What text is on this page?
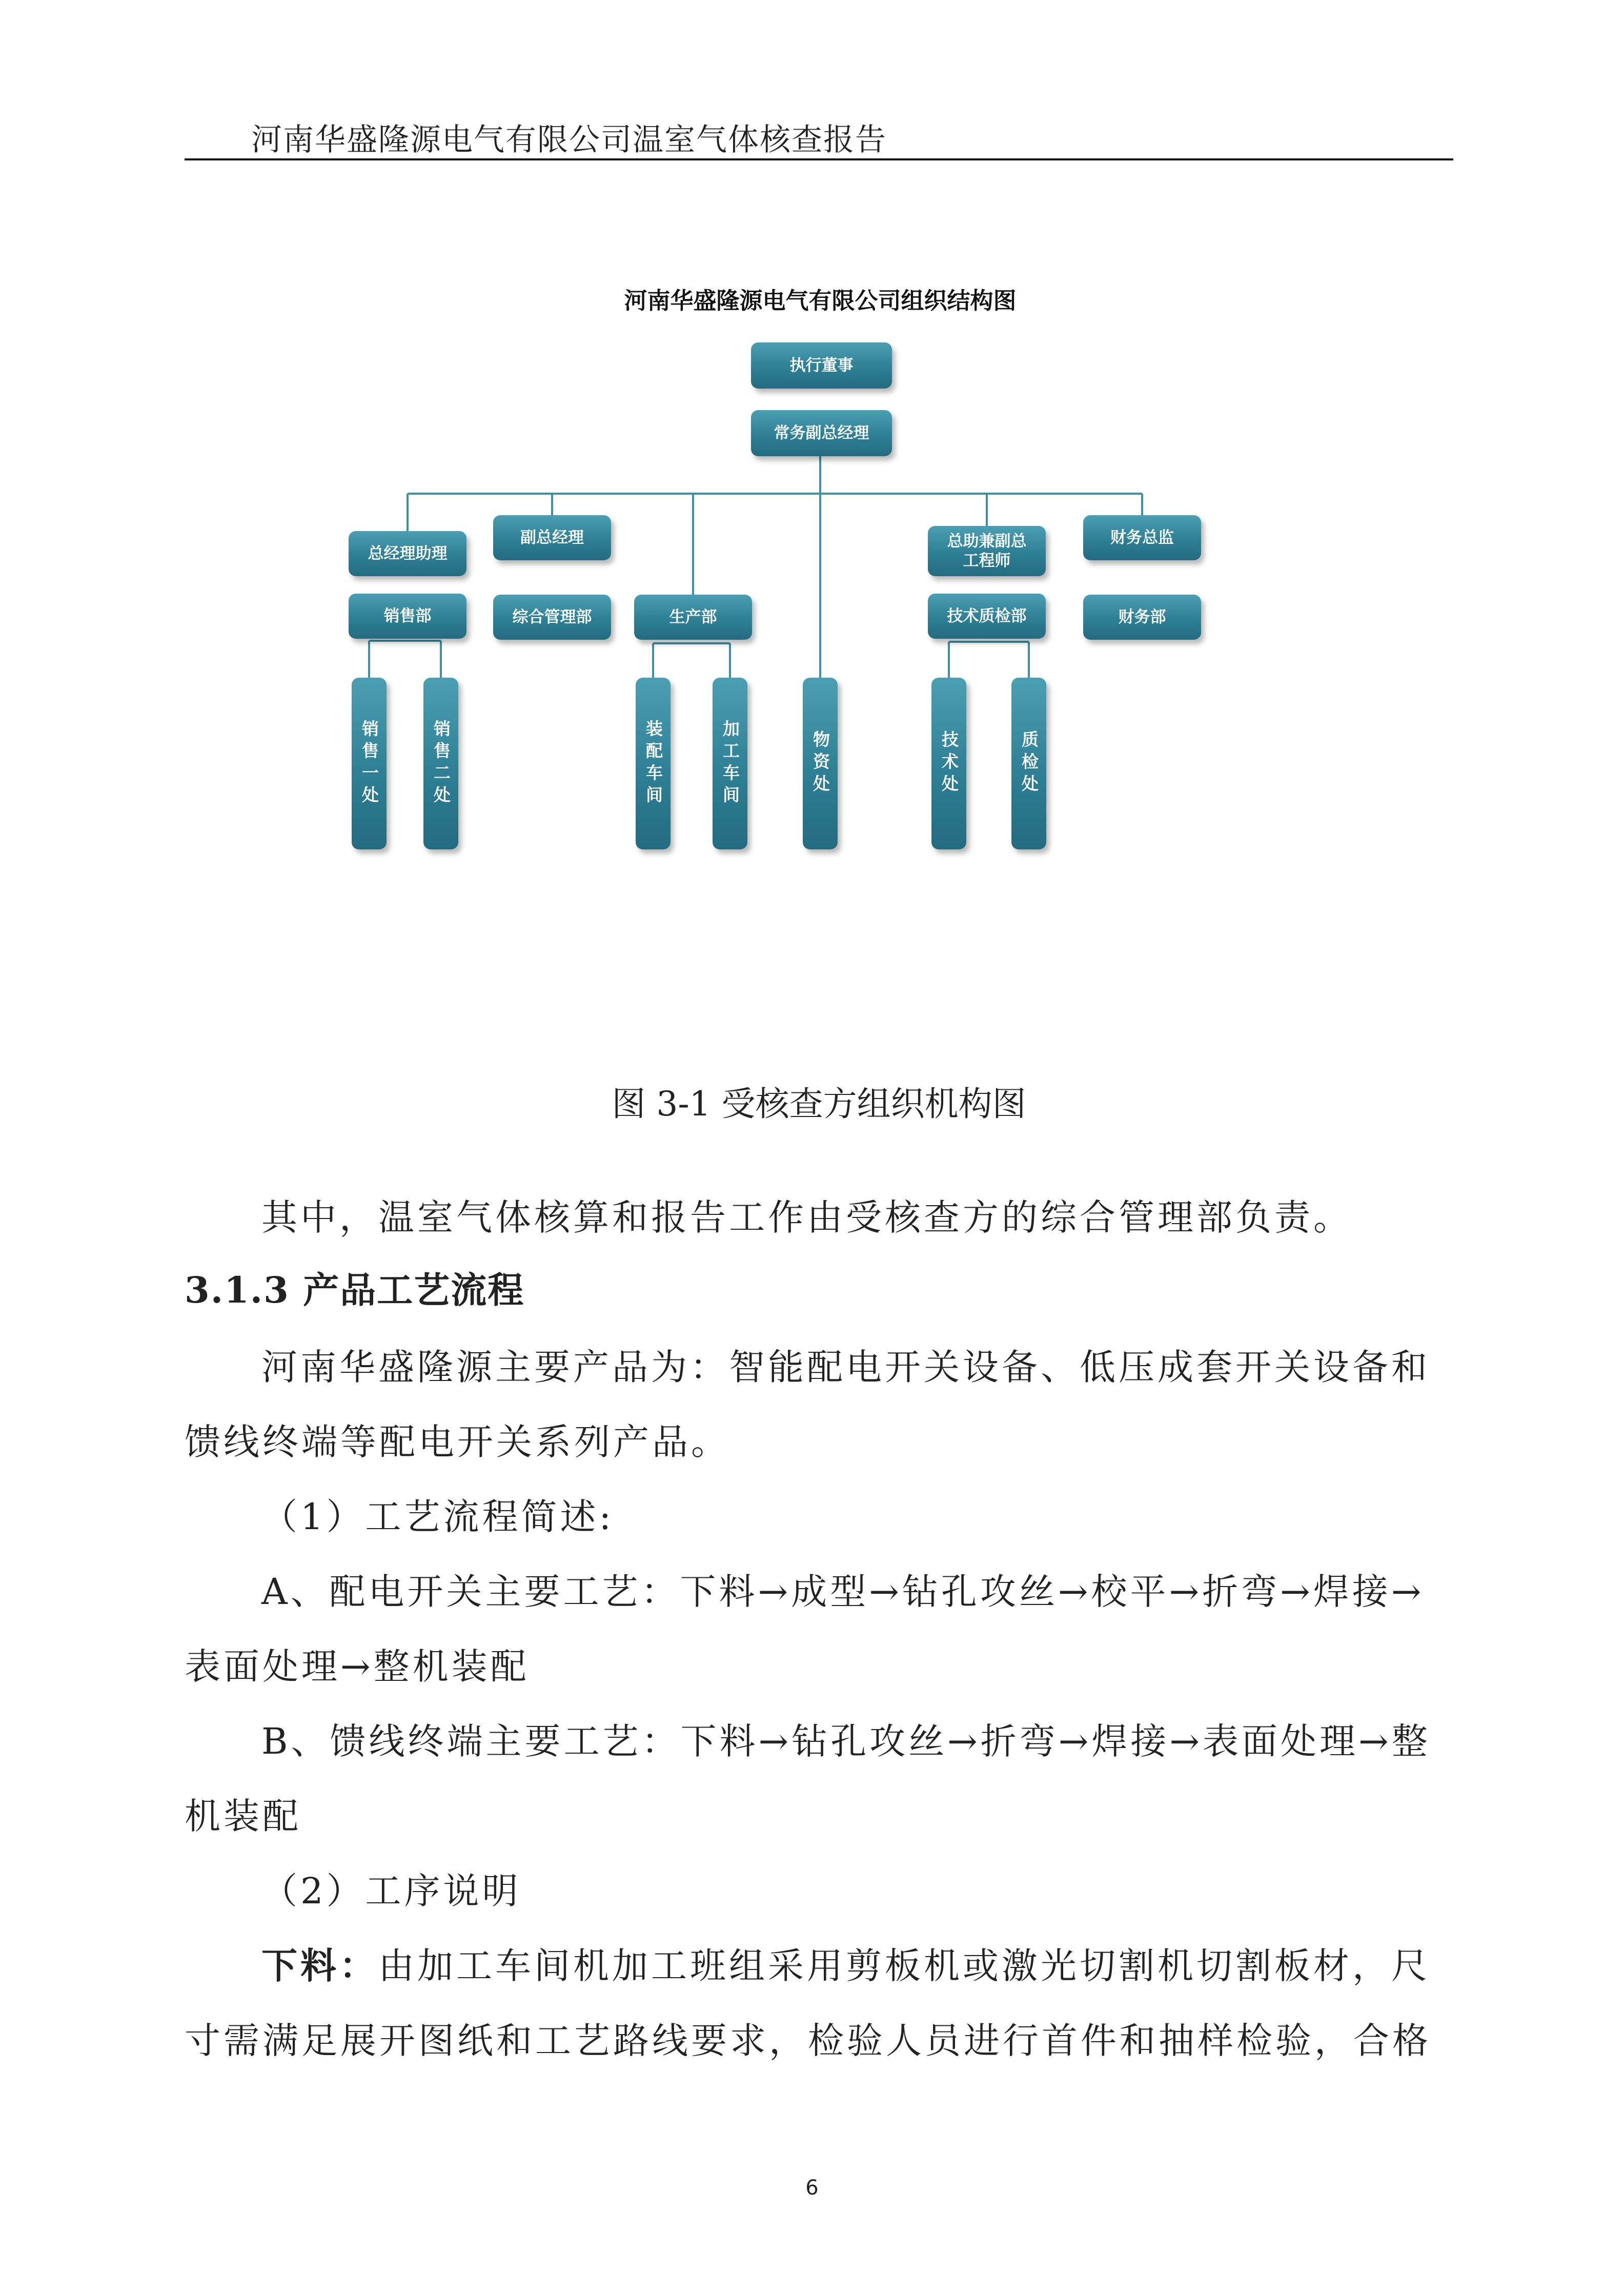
河南华盛隆源电气有限公司温室气体核查报告
河南华盛隆源电气有限公司组织结构图
执行董事
常务副总经理
总经理助理
销售部
销售一处	销售二处
副总经理
综合管理部	生产部
装配车间	加工车间	物资处
总助兼副总工程师
技术质检部
技术处	质检处
财务总监
财务部
图 3-1 受核查方组织机构图
其中，温室气体核算和报告工作由受核查方的综合管理部负责。
3.1.3 产品工艺流程
河南华盛隆源主要产品为：智能配电开关设备、低压成套开关设备和
馈线终端等配电开关系列产品。
（1）工艺流程简述:
A、配电开关主要工艺：下料→成型→钻孔攻丝→校平→折弯→焊接→
表面处理→整机装配
B、馈线终端主要工艺：下料→钻孔攻丝→折弯→焊接→表面处理→整
机装配
（2）工序说明
下料：由加工车间机加工班组采用剪板机或激光切割机切割板材，尺
寸需满足展开图纸和工艺路线要求，检验人员进行首件和抽样检验，合格
6
